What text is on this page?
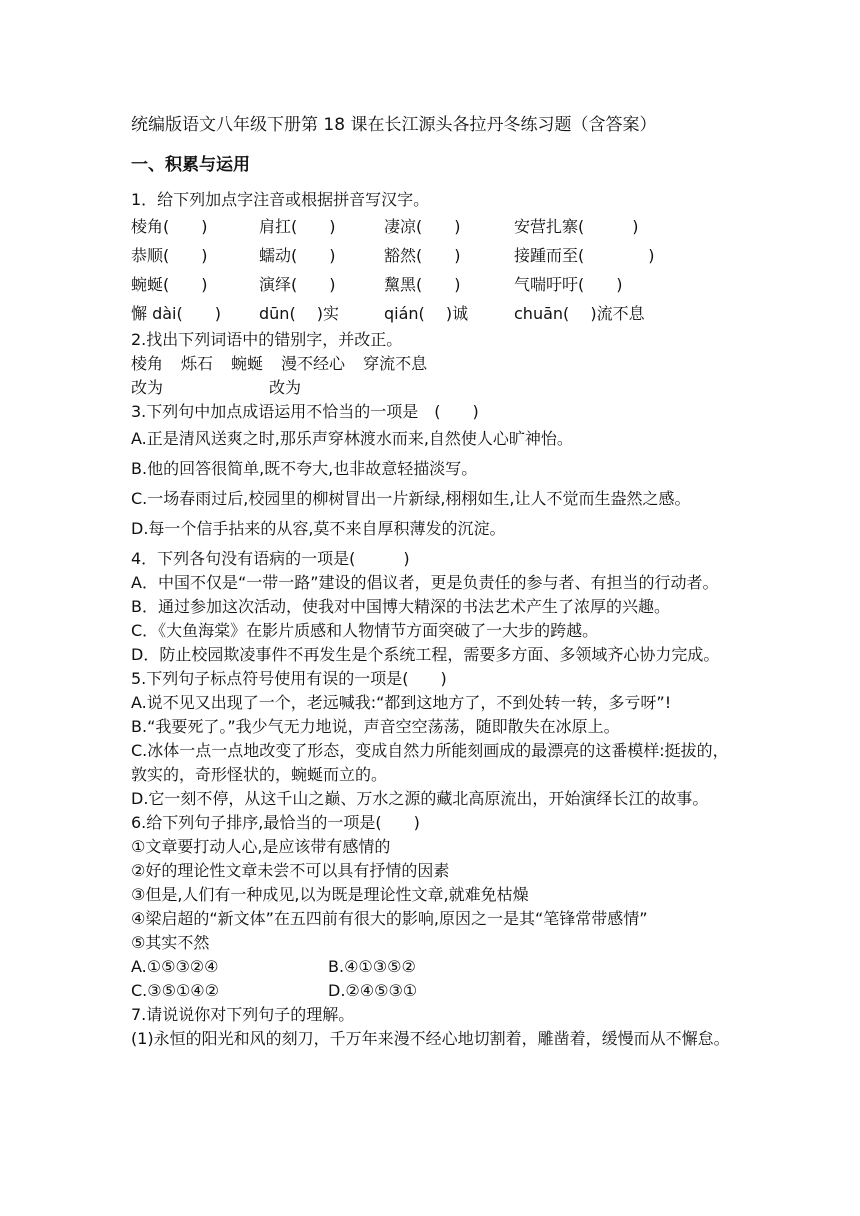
统编版语文八年级下册第 18 课在长江源头各拉丹冬练习题（含答案）

一、积累与运用

1．给下列加点字注音或根据拼音写汉字。

棱角(　　)	肩扛(　　)	凄凉(　　)	安营扎寨(　　　)
恭顺(　　)	蠕动(　　)	豁然(　　)	接踵而至(　　　　)
蜿蜒(　　)	演绎(　　)	黧黑(　　)	气喘吁吁(　　)
懈 dài(　　)	dūn(　 )实	qián(　 )诚	chuān(　 )流不息

2.找出下列词语中的错别字，并改正。

棱角 烁石 蜿蜒 漫不经心 穿流不息
改为	改为

3.下列句中加点成语运用不恰当的一项是　(　　)

A.正是清风送爽之时,那乐声穿林渡水而来,自然使人心旷神怡。

B.他的回答很简单,既不夸大,也非故意轻描淡写。

C.一场春雨过后,校园里的柳树冒出一片新绿,栩栩如生,让人不觉而生盎然之感。

D.每一个信手拈来的从容,莫不来自厚积薄发的沉淀。

4．下列各句没有语病的一项是(　　　)

A．中国不仅是“一带一路”建设的倡议者，更是负责任的参与者、有担当的行动者。

B．通过参加这次活动，使我对中国博大精深的书法艺术产生了浓厚的兴趣。

C．《大鱼海棠》在影片质感和人物情节方面突破了一大步的跨越。

D．防止校园欺凌事件不再发生是个系统工程，需要多方面、多领域齐心协力完成。

5.下列句子标点符号使用有误的一项是(　　)

A.说不见又出现了一个，老远喊我:“都到这地方了，不到处转一转，多亏呀”!

B.“我要死了。”我少气无力地说，声音空空荡荡，随即散失在冰原上。

C.冰体一点一点地改变了形态，变成自然力所能刻画成的最漂亮的这番模样:挺拔的，敦实的，奇形怪状的，蜿蜒而立的。

D.它一刻不停，从这千山之巅、万水之源的藏北高原流出，开始演绎长江的故事。

6.给下列句子排序,最恰当的一项是(　　)

①文章要打动人心,是应该带有感情的

②好的理论性文章未尝不可以具有抒情的因素

③但是,人们有一种成见,以为既是理论性文章,就难免枯燥

④梁启超的“新文体”在五四前有很大的影响,原因之一是其“笔锋常带感情”

⑤其实不然

A.①⑤③②④	B.④①③⑤②
C.③⑤①④②	D.②④⑤③①

7.请说说你对下列句子的理解。

(1)永恒的阳光和风的刻刀，千万年来漫不经心地切割着，雕凿着，缓慢而从不懈怠。
